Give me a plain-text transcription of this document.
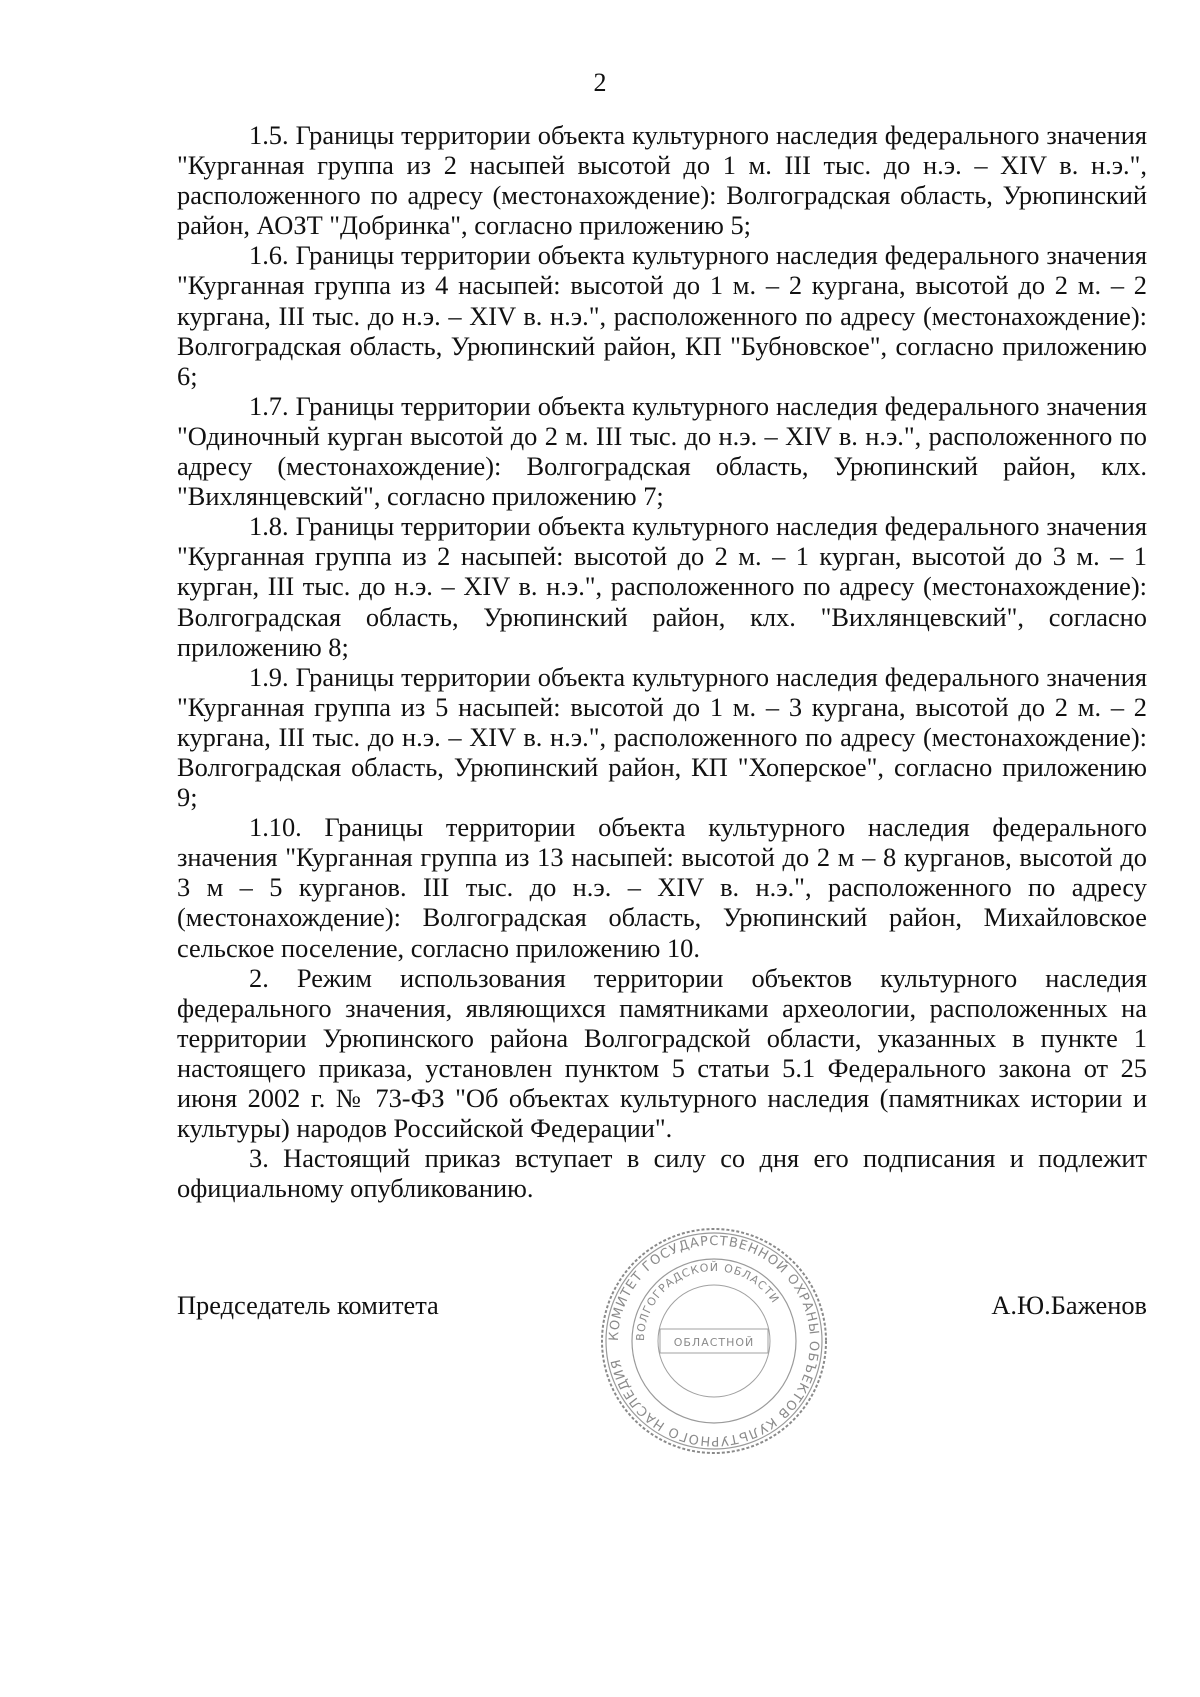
2

1.5. Границы территории объекта культурного наследия федерального значения "Курганная группа из 2 насыпей высотой до 1 м. III тыс. до н.э. – XIV в. н.э.", расположенного по адресу (местонахождение): Волгоградская область, Урюпинский район, АОЗТ "Добринка", согласно приложению 5;

1.6. Границы территории объекта культурного наследия федерального значения "Курганная группа из 4 насыпей: высотой до 1 м. – 2 кургана, высотой до 2 м. – 2 кургана, III тыс. до н.э. – XIV в. н.э.", расположенного по адресу (местонахождение): Волгоградская область, Урюпинский район, КП "Бубновское", согласно приложению 6;

1.7. Границы территории объекта культурного наследия федерального значения "Одиночный курган высотой до 2 м. III тыс. до н.э. – XIV в. н.э.", расположенного по адресу (местонахождение): Волгоградская область, Урюпинский район, клх. "Вихлянцевский", согласно приложению 7;

1.8. Границы территории объекта культурного наследия федерального значения "Курганная группа из 2 насыпей: высотой до 2 м. – 1 курган, высотой до 3 м. – 1 курган, III тыс. до н.э. – XIV в. н.э.", расположенного по адресу (местонахождение): Волгоградская область, Урюпинский район, клх. "Вихлянцевский", согласно приложению 8;

1.9. Границы территории объекта культурного наследия федерального значения "Курганная группа из 5 насыпей: высотой до 1 м. – 3 кургана, высотой до 2 м. – 2 кургана, III тыс. до н.э. – XIV в. н.э.", расположенного по адресу (местонахождение): Волгоградская область, Урюпинский район, КП "Хоперское", согласно приложению 9;

1.10. Границы территории объекта культурного наследия федерального значения "Курганная группа из 13 насыпей: высотой до 2 м – 8 курганов, высотой до 3 м – 5 курганов. III тыс. до н.э. – XIV в. н.э.", расположенного по адресу (местонахождение): Волгоградская область, Урюпинский район, Михайловское сельское поселение, согласно приложению 10.

2. Режим использования территории объектов культурного наследия федерального значения, являющихся памятниками археологии, расположенных на территории Урюпинского района Волгоградской области, указанных в пункте 1 настоящего приказа, установлен пунктом 5 статьи 5.1 Федерального закона от 25 июня 2002 г. № 73-ФЗ "Об объектах культурного наследия (памятниках истории и культуры) народов Российской Федерации".

3. Настоящий приказ вступает в силу со дня его подписания и подлежит официальному опубликованию.

Председатель комитета	А.Ю.Баженов
КОМИТЕТ ГОСУДАРСТВЕННОЙ ОХРАНЫ ОБЪЕКТОВ КУЛЬТУРНОГО НАСЛЕДИЯ
ВОЛГОГРАДСКОЙ ОБЛАСТИ
ОБЛАСТНОЙ
